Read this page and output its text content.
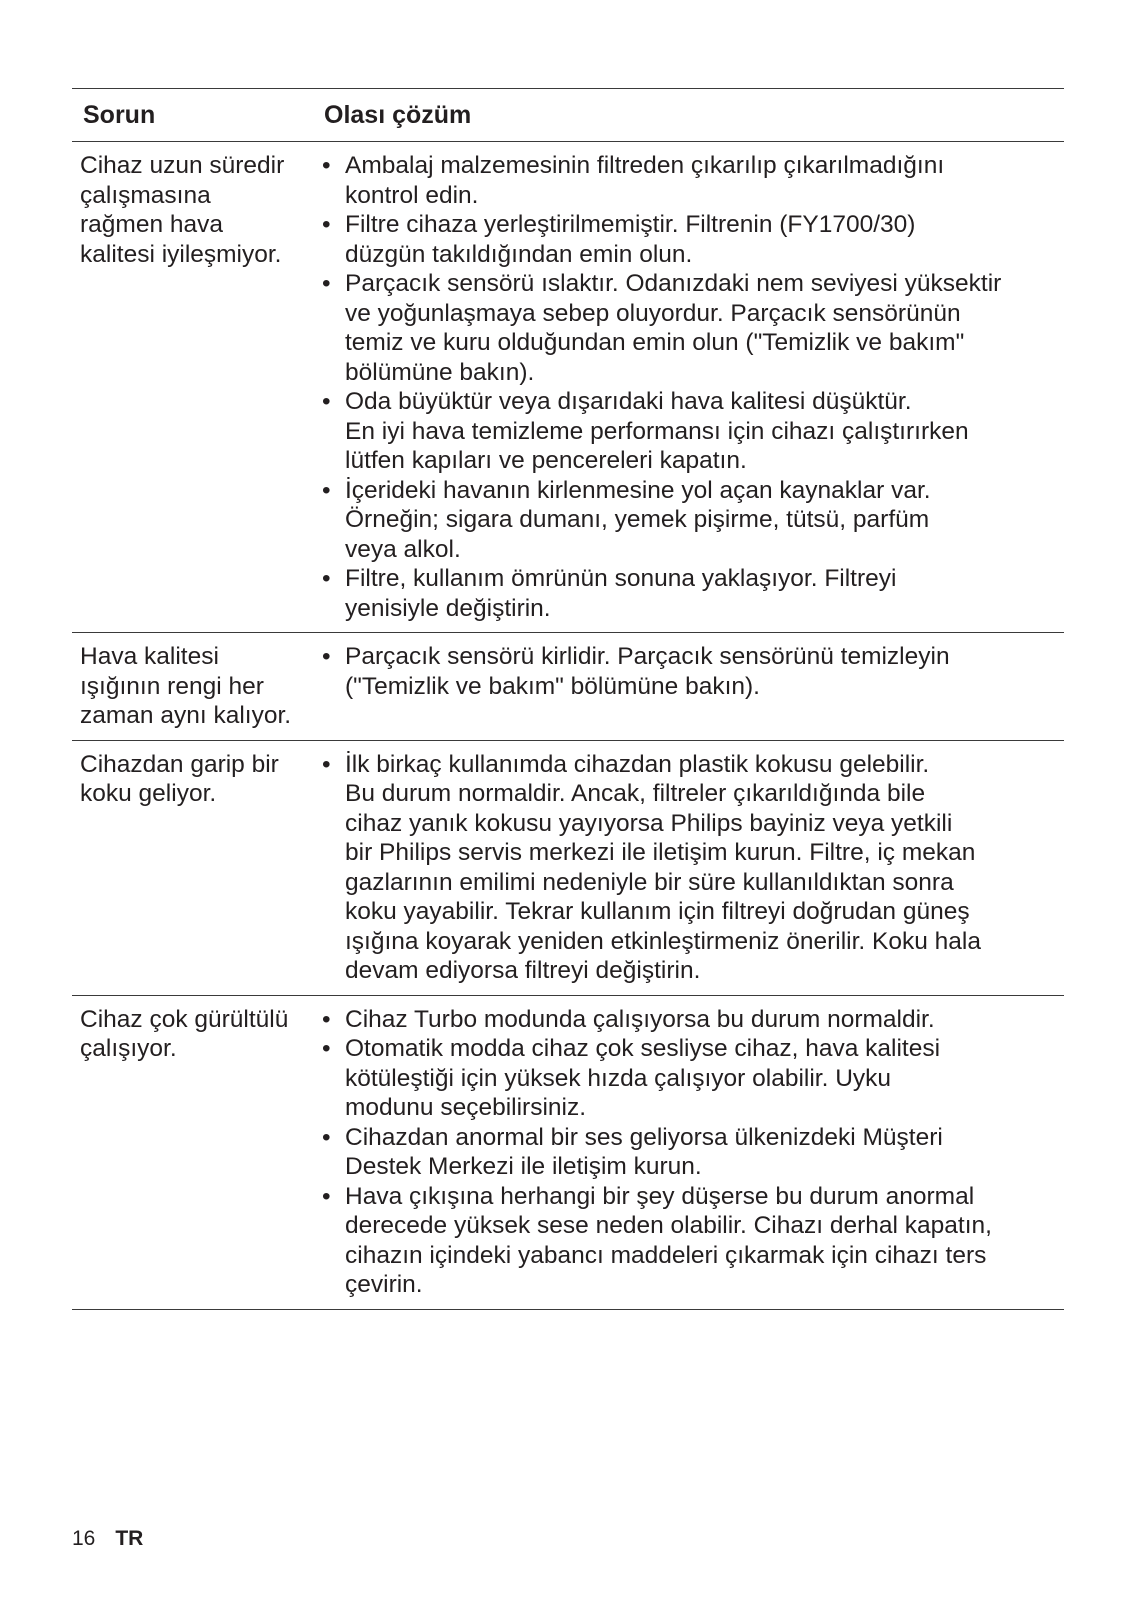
Sorun	Olası çözüm
Cihaz uzun süredir
çalışmasına
rağmen hava
kalitesi iyileşmiyor.
• Ambalaj malzemesinin filtreden çıkarılıp çıkarılmadığını
kontrol edin.
• Filtre cihaza yerleştirilmemiştir. Filtrenin (FY1700/30)
düzgün takıldığından emin olun.
• Parçacık sensörü ıslaktır. Odanızdaki nem seviyesi yüksektir
ve yoğunlaşmaya sebep oluyordur. Parçacık sensörünün
temiz ve kuru olduğundan emin olun ("Temizlik ve bakım"
bölümüne bakın).
• Oda büyüktür veya dışarıdaki hava kalitesi düşüktür.
En iyi hava temizleme performansı için cihazı çalıştırırken
lütfen kapıları ve pencereleri kapatın.
• İçerideki havanın kirlenmesine yol açan kaynaklar var.
Örneğin; sigara dumanı, yemek pişirme, tütsü, parfüm
veya alkol.
• Filtre, kullanım ömrünün sonuna yaklaşıyor. Filtreyi
yenisiyle değiştirin.
Hava kalitesi
ışığının rengi her
zaman aynı kalıyor.
• Parçacık sensörü kirlidir. Parçacık sensörünü temizleyin
("Temizlik ve bakım" bölümüne bakın).
Cihazdan garip bir
koku geliyor.
• İlk birkaç kullanımda cihazdan plastik kokusu gelebilir.
Bu durum normaldir. Ancak, filtreler çıkarıldığında bile
cihaz yanık kokusu yayıyorsa Philips bayiniz veya yetkili
bir Philips servis merkezi ile iletişim kurun. Filtre, iç mekan
gazlarının emilimi nedeniyle bir süre kullanıldıktan sonra
koku yayabilir. Tekrar kullanım için filtreyi doğrudan güneş
ışığına koyarak yeniden etkinleştirmeniz önerilir. Koku hala
devam ediyorsa filtreyi değiştirin.
Cihaz çok gürültülü
çalışıyor.
• Cihaz Turbo modunda çalışıyorsa bu durum normaldir.
• Otomatik modda cihaz çok sesliyse cihaz, hava kalitesi
kötüleştiği için yüksek hızda çalışıyor olabilir. Uyku
modunu seçebilirsiniz.
• Cihazdan anormal bir ses geliyorsa ülkenizdeki Müşteri
Destek Merkezi ile iletişim kurun.
• Hava çıkışına herhangi bir şey düşerse bu durum anormal
derecede yüksek sese neden olabilir. Cihazı derhal kapatın,
cihazın içindeki yabancı maddeleri çıkarmak için cihazı ters
çevirin.
16 TR
